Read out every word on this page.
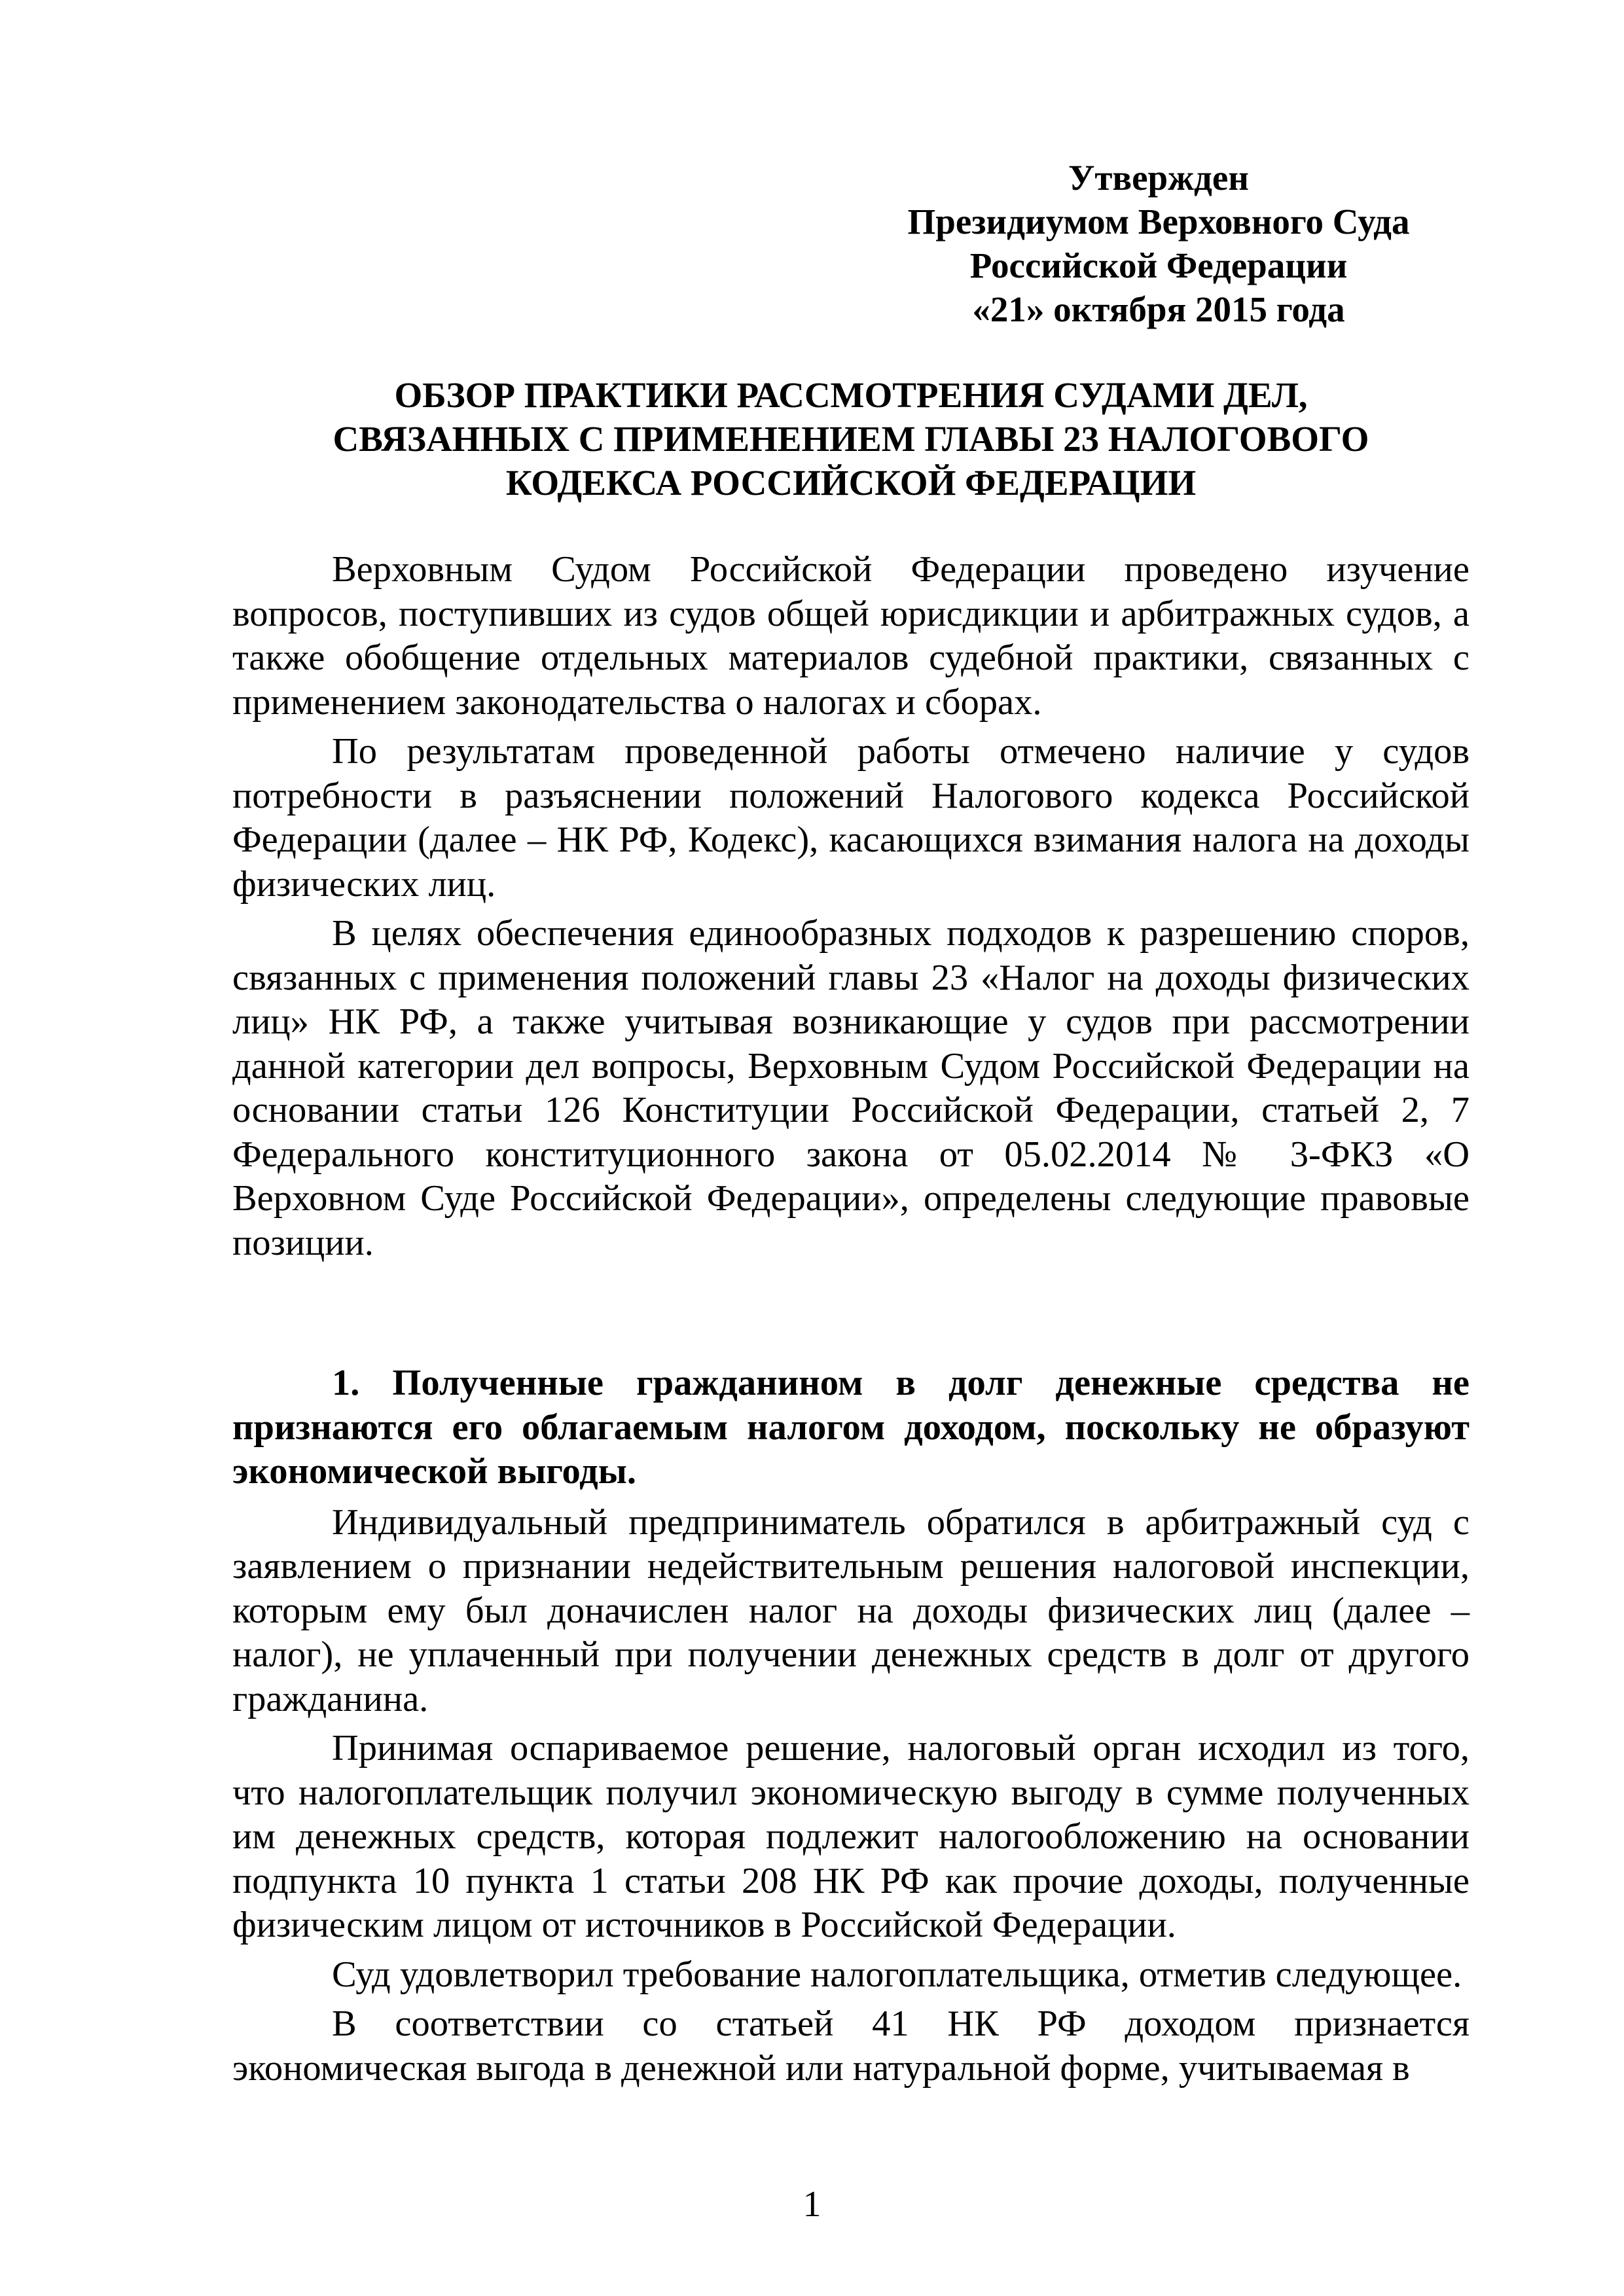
Утвержден
Президиумом Верховного Суда
Российской Федерации
«21» октября 2015 года
ОБЗОР ПРАКТИКИ РАССМОТРЕНИЯ СУДАМИ ДЕЛ,
СВЯЗАННЫХ С ПРИМЕНЕНИЕМ ГЛАВЫ 23 НАЛОГОВОГО
КОДЕКСА РОССИЙСКОЙ ФЕДЕРАЦИИ

Верховным Судом Российской Федерации проведено изучение вопросов, поступивших из судов общей юрисдикции и арбитражных судов, а также обобщение отдельных материалов судебной практики, связанных с применением законодательства о налогах и сборах.

По результатам проведенной работы отмечено наличие у судов потребности в разъяснении положений Налогового кодекса Российской Федерации (далее – НК РФ, Кодекс), касающихся взимания налога на доходы физических лиц.

В целях обеспечения единообразных подходов к разрешению споров, связанных с применения положений главы 23 «Налог на доходы физических лиц» НК РФ, а также учитывая возникающие у судов при рассмотрении данной категории дел вопросы, Верховным Судом Российской Федерации на основании статьи 126 Конституции Российской Федерации, статьей 2, 7 Федерального конституционного закона от 05.02.2014 № 3-ФКЗ «О Верховном Суде Российской Федерации», определены следующие правовые позиции.

1. Полученные гражданином в долг денежные средства не признаются его облагаемым налогом доходом, поскольку не образуют экономической выгоды.

Индивидуальный предприниматель обратился в арбитражный суд с заявлением о признании недействительным решения налоговой инспекции, которым ему был доначислен налог на доходы физических лиц (далее – налог), не уплаченный при получении денежных средств в долг от другого гражданина.

Принимая оспариваемое решение, налоговый орган исходил из того, что налогоплательщик получил экономическую выгоду в сумме полученных им денежных средств, которая подлежит налогообложению на основании подпункта 10 пункта 1 статьи 208 НК РФ как прочие доходы, полученные физическим лицом от источников в Российской Федерации.

Суд удовлетворил требование налогоплательщика, отметив следующее.

В соответствии со статьей 41 НК РФ доходом признается экономическая выгода в денежной или натуральной форме, учитываемая в

1
